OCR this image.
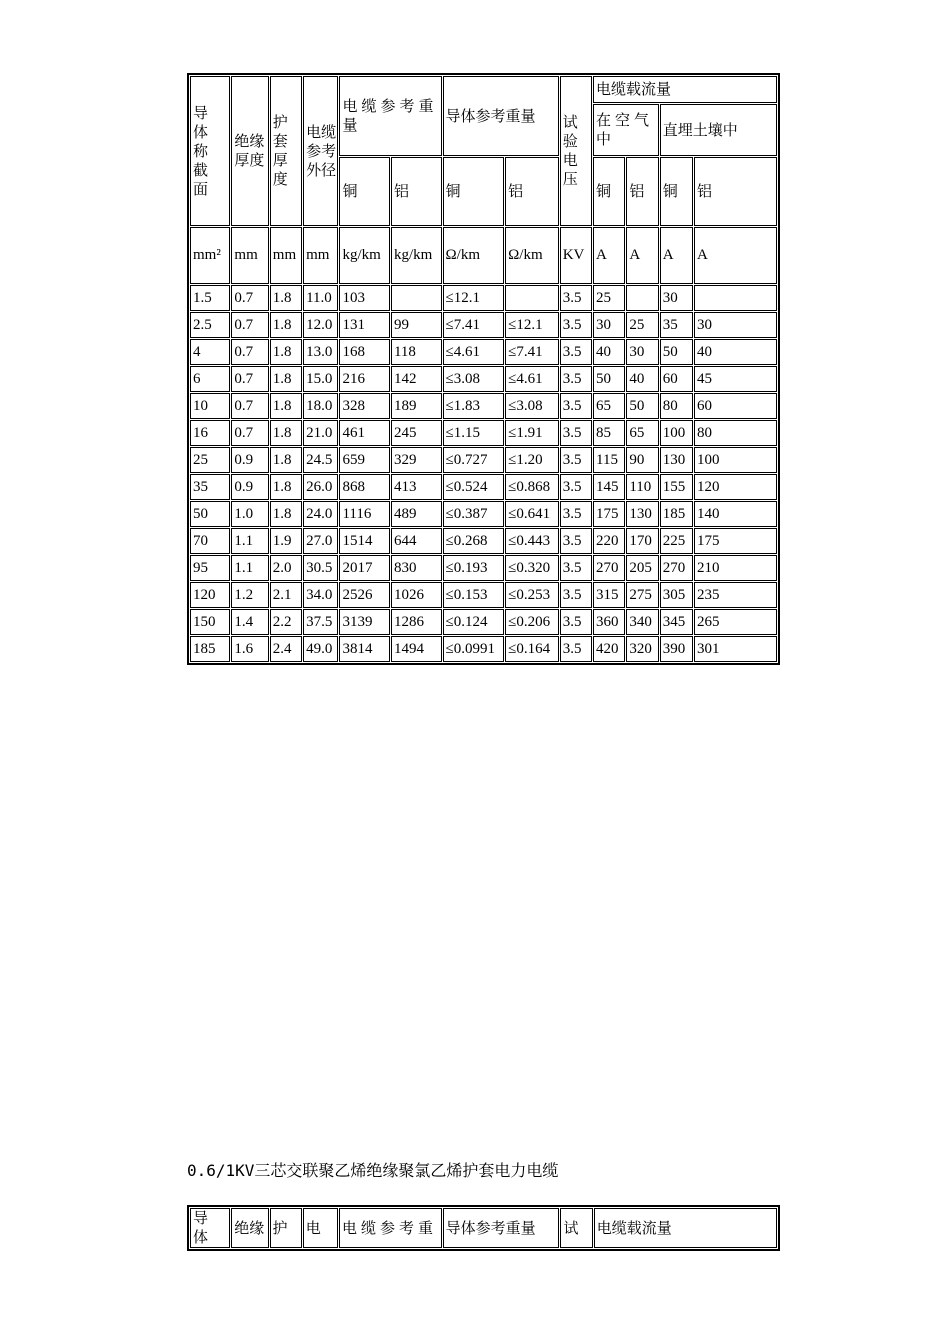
导体称截面	绝缘厚度	护套厚度	电缆参考外径	电缆参考重量		导体参考重量		试验电压	电缆载流量			
									在空气中		直埋土壤中	
				铜	铝	铜	铝		铜	铝	铜	铝
mm²	mm	mm	mm	kg/km	kg/km	Ω/km	Ω/km	KV	A	A	A	A
1.5	0.7	1.8	11.0	103		≤12.1		3.5	25		30	
2.5	0.7	1.8	12.0	131	99	≤7.41	≤12.1	3.5	30	25	35	30
4	0.7	1.8	13.0	168	118	≤4.61	≤7.41	3.5	40	30	50	40
6	0.7	1.8	15.0	216	142	≤3.08	≤4.61	3.5	50	40	60	45
10	0.7	1.8	18.0	328	189	≤1.83	≤3.08	3.5	65	50	80	60
16	0.7	1.8	21.0	461	245	≤1.15	≤1.91	3.5	85	65	100	80
25	0.9	1.8	24.5	659	329	≤0.727	≤1.20	3.5	115	90	130	100
35	0.9	1.8	26.0	868	413	≤0.524	≤0.868	3.5	145	110	155	120
50	1.0	1.8	24.0	1116	489	≤0.387	≤0.641	3.5	175	130	185	140
70	1.1	1.9	27.0	1514	644	≤0.268	≤0.443	3.5	220	170	225	175
95	1.1	2.0	30.5	2017	830	≤0.193	≤0.320	3.5	270	205	270	210
120	1.2	2.1	34.0	2526	1026	≤0.153	≤0.253	3.5	315	275	305	235
150	1.4	2.2	37.5	3139	1286	≤0.124	≤0.206	3.5	360	340	345	265
185	1.6	2.4	49.0	3814	1494	≤0.0991	≤0.164	3.5	420	320	390	301
0.6/1KV三芯交联聚乙烯绝缘聚氯乙烯护套电力电缆
导体	绝缘	护	电	电缆参考重	导体参考重量	试	电缆载流量
